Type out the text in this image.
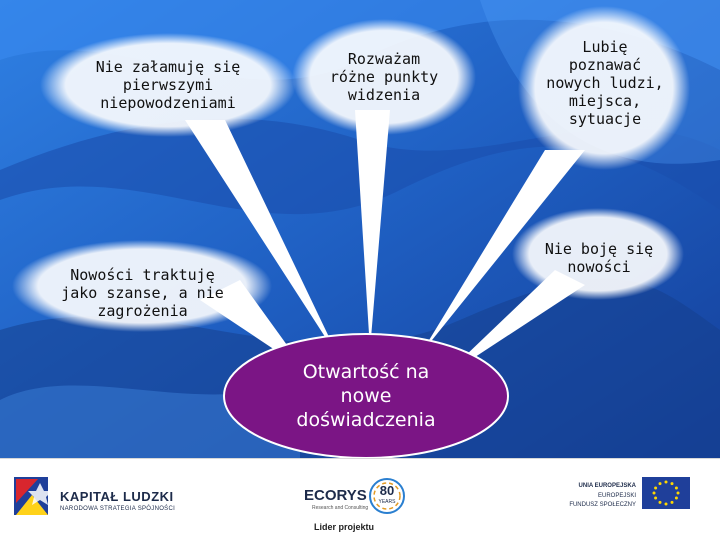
Nie załamuję się
pierwszymi
niepowodzeniami
Rozważam
różne punkty
widzenia
Lubię
poznawać
nowych ludzi,
miejsca,
sytuacje
Nowości traktuję
jako szanse, a nie
zagrożenia
Nie boję się
nowości
Otwartość na
nowe
doświadczenia
KAPITAŁ LUDZKI
NARODOWA STRATEGIA SPÓJNOŚCI
ECORYS
Research and Consulting
80
YEARS
Lider projektu
UNIA EUROPEJSKA
EUROPEJSKI
FUNDUSZ SPOŁECZNY
